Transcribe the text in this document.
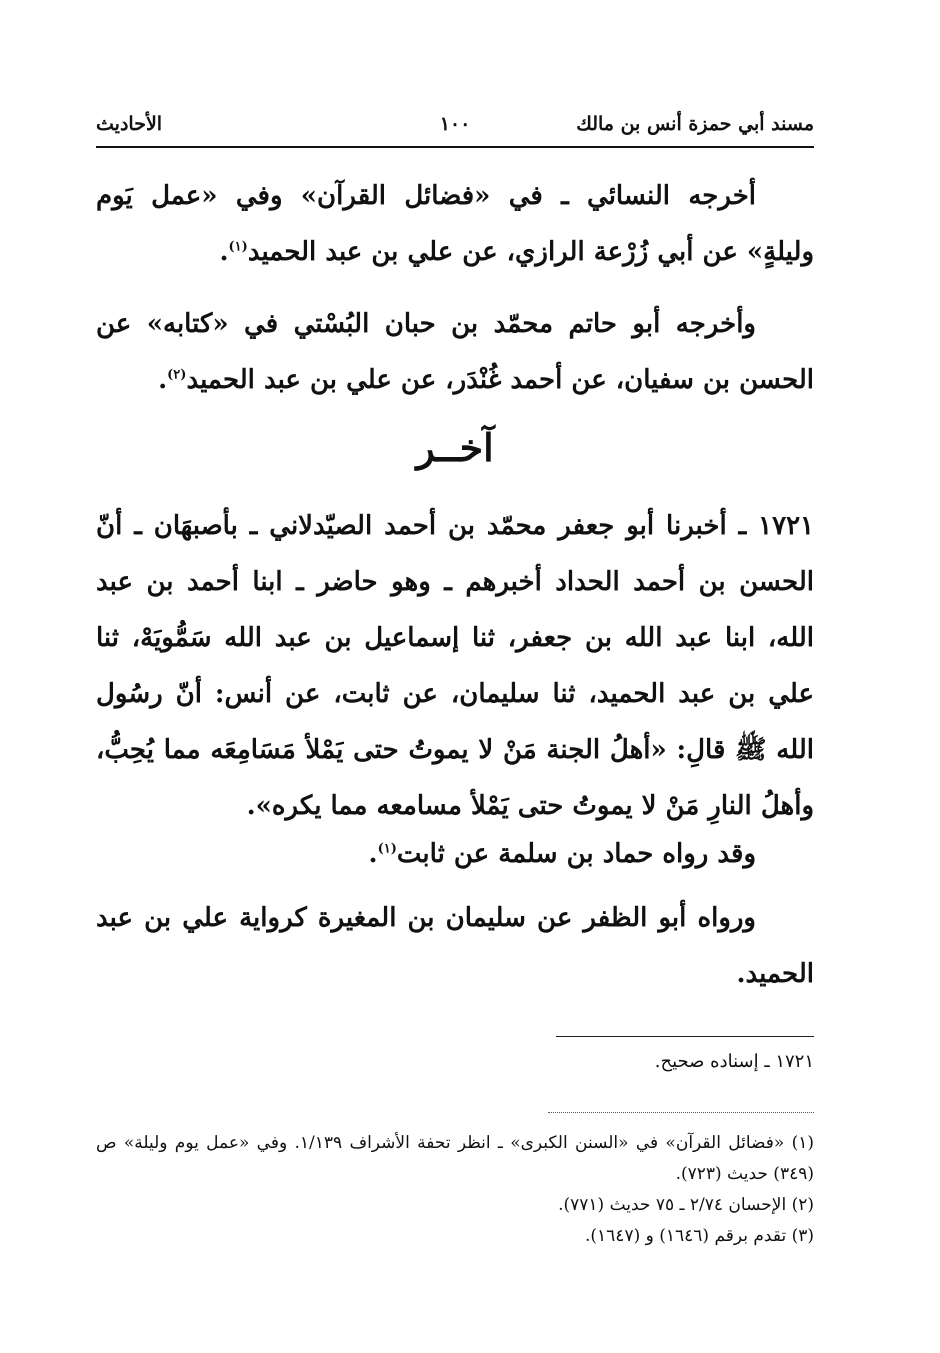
مسند أبي حمزة أنس بن مالك
١٠٠
الأحاديث
أخرجه النسائي ـ في «فضائل القرآن» وفي «عمل يَوم وليلةٍ» عن أبي زُرْعة الرازي، عن علي بن عبد الحميد$^{(١)}$.
وأخرجه أبو حاتم محمّد بن حبان البُسْتي في «كتابه» عن الحسن بن سفيان، عن أحمد غُنْدَر، عن علي بن عبد الحميد$^{(٢)}$.
آخــر
١٧٢١ ـ أخبرنا أبو جعفر محمّد بن أحمد الصيّدلاني ـ بأصبهَان ـ أنّ الحسن بن أحمد الحداد أخبرهم ـ وهو حاضر ـ ابنا أحمد بن عبد الله، ابنا عبد الله بن جعفر، ثنا إسماعيل بن عبد الله سَمُّويَهْ، ثنا علي بن عبد الحميد، ثنا سليمان، عن ثابت، عن أنس: أنّ رسُول الله ﷺ قالِ: «أهلُ الجنة مَنْ لا يموتُ حتى يَمْلأ مَسَامِعَه مما يُحِبُّ، وأهلُ النارِ مَنْ لا يموتُ حتى يَمْلأ مسامعه مما يكره».
وقد رواه حماد بن سلمة عن ثابت$^{(١)}$.
ورواه أبو الظفر عن سليمان بن المغيرة كرواية علي بن عبد الحميد.
١٧٢١ ـ إسناده صحيح.
(١) «فضائل القرآن» في «السنن الكبرى» ـ انظر تحفة الأشراف ١/١٣٩. وفي «عمل يوم وليلة» ص (٣٤٩) حديث (٧٢٣).
(٢) الإحسان ٢/٧٤ ـ ٧٥ حديث (٧٧١).
(٣) تقدم برقم (١٦٤٦) و (١٦٤٧).
